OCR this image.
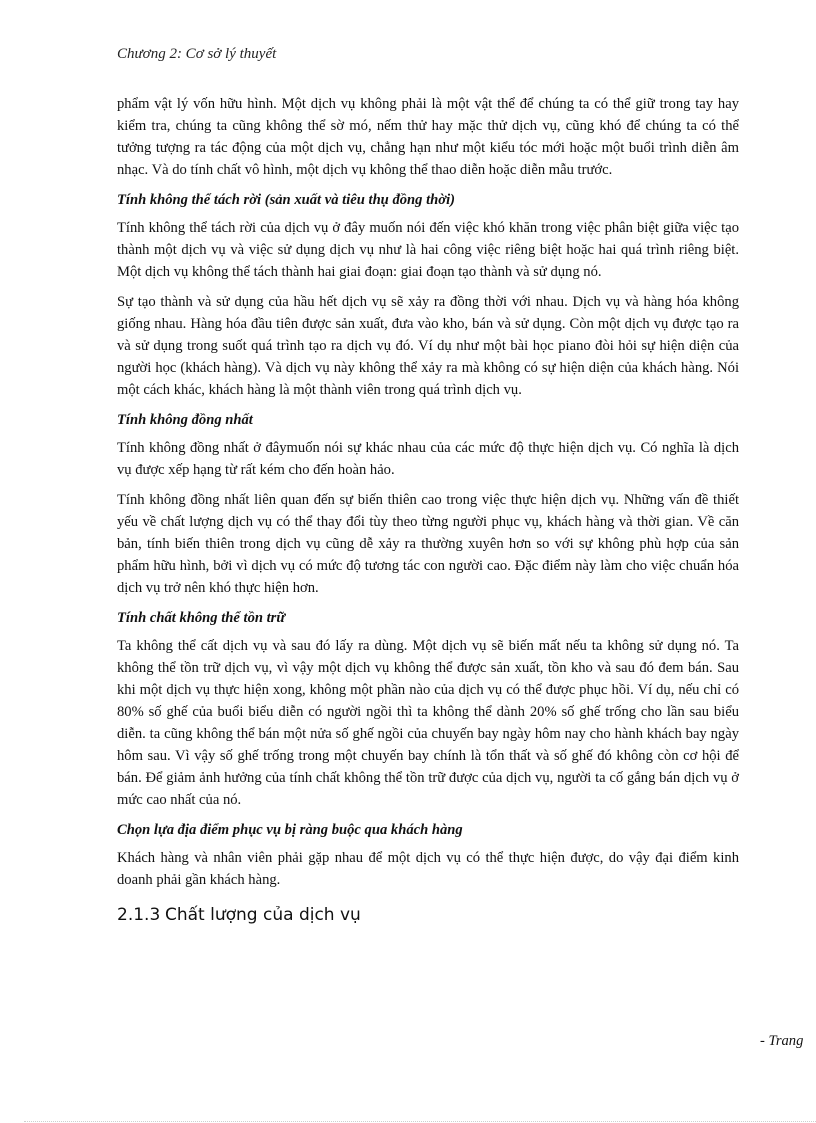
Chương 2: Cơ sở lý thuyết

phẩm vật lý vốn hữu hình. Một dịch vụ không phải là một vật thể để chúng ta có thể giữ trong tay hay kiểm tra, chúng ta cũng không thể sờ mó, nếm thử hay mặc thử dịch vụ, cũng khó để chúng ta có thể tưởng tượng ra tác động của một dịch vụ, chẳng hạn như một kiểu tóc mới hoặc một buổi trình diễn âm nhạc. Và do tính chất vô hình, một dịch vụ không thể thao diễn hoặc diễn mẫu trước.

Tính không thể tách rời (sản xuất và tiêu thụ đồng thời)

Tính không thể tách rời của dịch vụ ở đây muốn nói đến việc khó khăn trong việc phân biệt giữa việc tạo thành một dịch vụ và việc sử dụng dịch vụ như là hai công việc riêng biệt hoặc hai quá trình riêng biệt. Một dịch vụ không thể tách thành hai giai đoạn: giai đoạn tạo thành và sử dụng nó.

Sự tạo thành và sử dụng của hầu hết dịch vụ sẽ xảy ra đồng thời với nhau. Dịch vụ và hàng hóa không giống nhau. Hàng hóa đầu tiên được sản xuất, đưa vào kho, bán và sử dụng. Còn một dịch vụ được tạo ra và sử dụng trong suốt quá trình tạo ra dịch vụ đó. Ví dụ như một bài học piano đòi hỏi sự hiện diện của người học (khách hàng). Và dịch vụ này không thể xảy ra mà không có sự hiện diện của khách hàng. Nói một cách khác, khách hàng là một thành viên trong quá trình dịch vụ.

Tính không đồng nhất

Tính không đồng nhất ở đâymuốn nói sự khác nhau của các mức độ thực hiện dịch vụ. Có nghĩa là dịch vụ được xếp hạng từ rất kém cho đến hoàn hảo.

Tính không đồng nhất liên quan đến sự biến thiên cao trong việc thực hiện dịch vụ. Những vấn đề thiết yếu về chất lượng dịch vụ có thể thay đổi tùy theo từng người phục vụ, khách hàng và thời gian. Về căn bản, tính biến thiên trong dịch vụ cũng dễ xảy ra thường xuyên hơn so với sự không phù hợp của sản phẩm hữu hình, bởi vì dịch vụ có mức độ tương tác con người cao. Đặc điểm này làm cho việc chuẩn hóa dịch vụ trở nên khó thực hiện hơn.

Tính chất không thể tồn trữ

Ta không thể cất dịch vụ và sau đó lấy ra dùng. Một dịch vụ sẽ biến mất nếu ta không sử dụng nó. Ta không thể tồn trữ dịch vụ, vì vậy một dịch vụ không thể được sản xuất, tồn kho và sau đó đem bán. Sau khi một dịch vụ thực hiện xong, không một phần nào của dịch vụ có thể được phục hồi. Ví dụ, nếu chỉ có 80% số ghế của buổi biểu diễn có người ngồi thì ta không thể dành 20% số ghế trống cho lần sau biểu diễn. ta cũng không thể bán một nửa số ghế ngồi của chuyến bay ngày hôm nay cho hành khách bay ngày hôm sau. Vì vậy số ghế trống trong một chuyến bay chính là tổn thất và số ghế đó không còn cơ hội để bán. Để giảm ảnh hưởng của tính chất không thể tồn trữ được của dịch vụ, người ta cố gắng bán dịch vụ ở mức cao nhất của nó.

Chọn lựa địa điểm phục vụ bị ràng buộc qua khách hàng

Khách hàng và nhân viên phải gặp nhau để một dịch vụ có thể thực hiện được, do vậy đại điểm kinh doanh phải gần khách hàng.

2.1.3 Chất lượng của dịch vụ
- Trang
